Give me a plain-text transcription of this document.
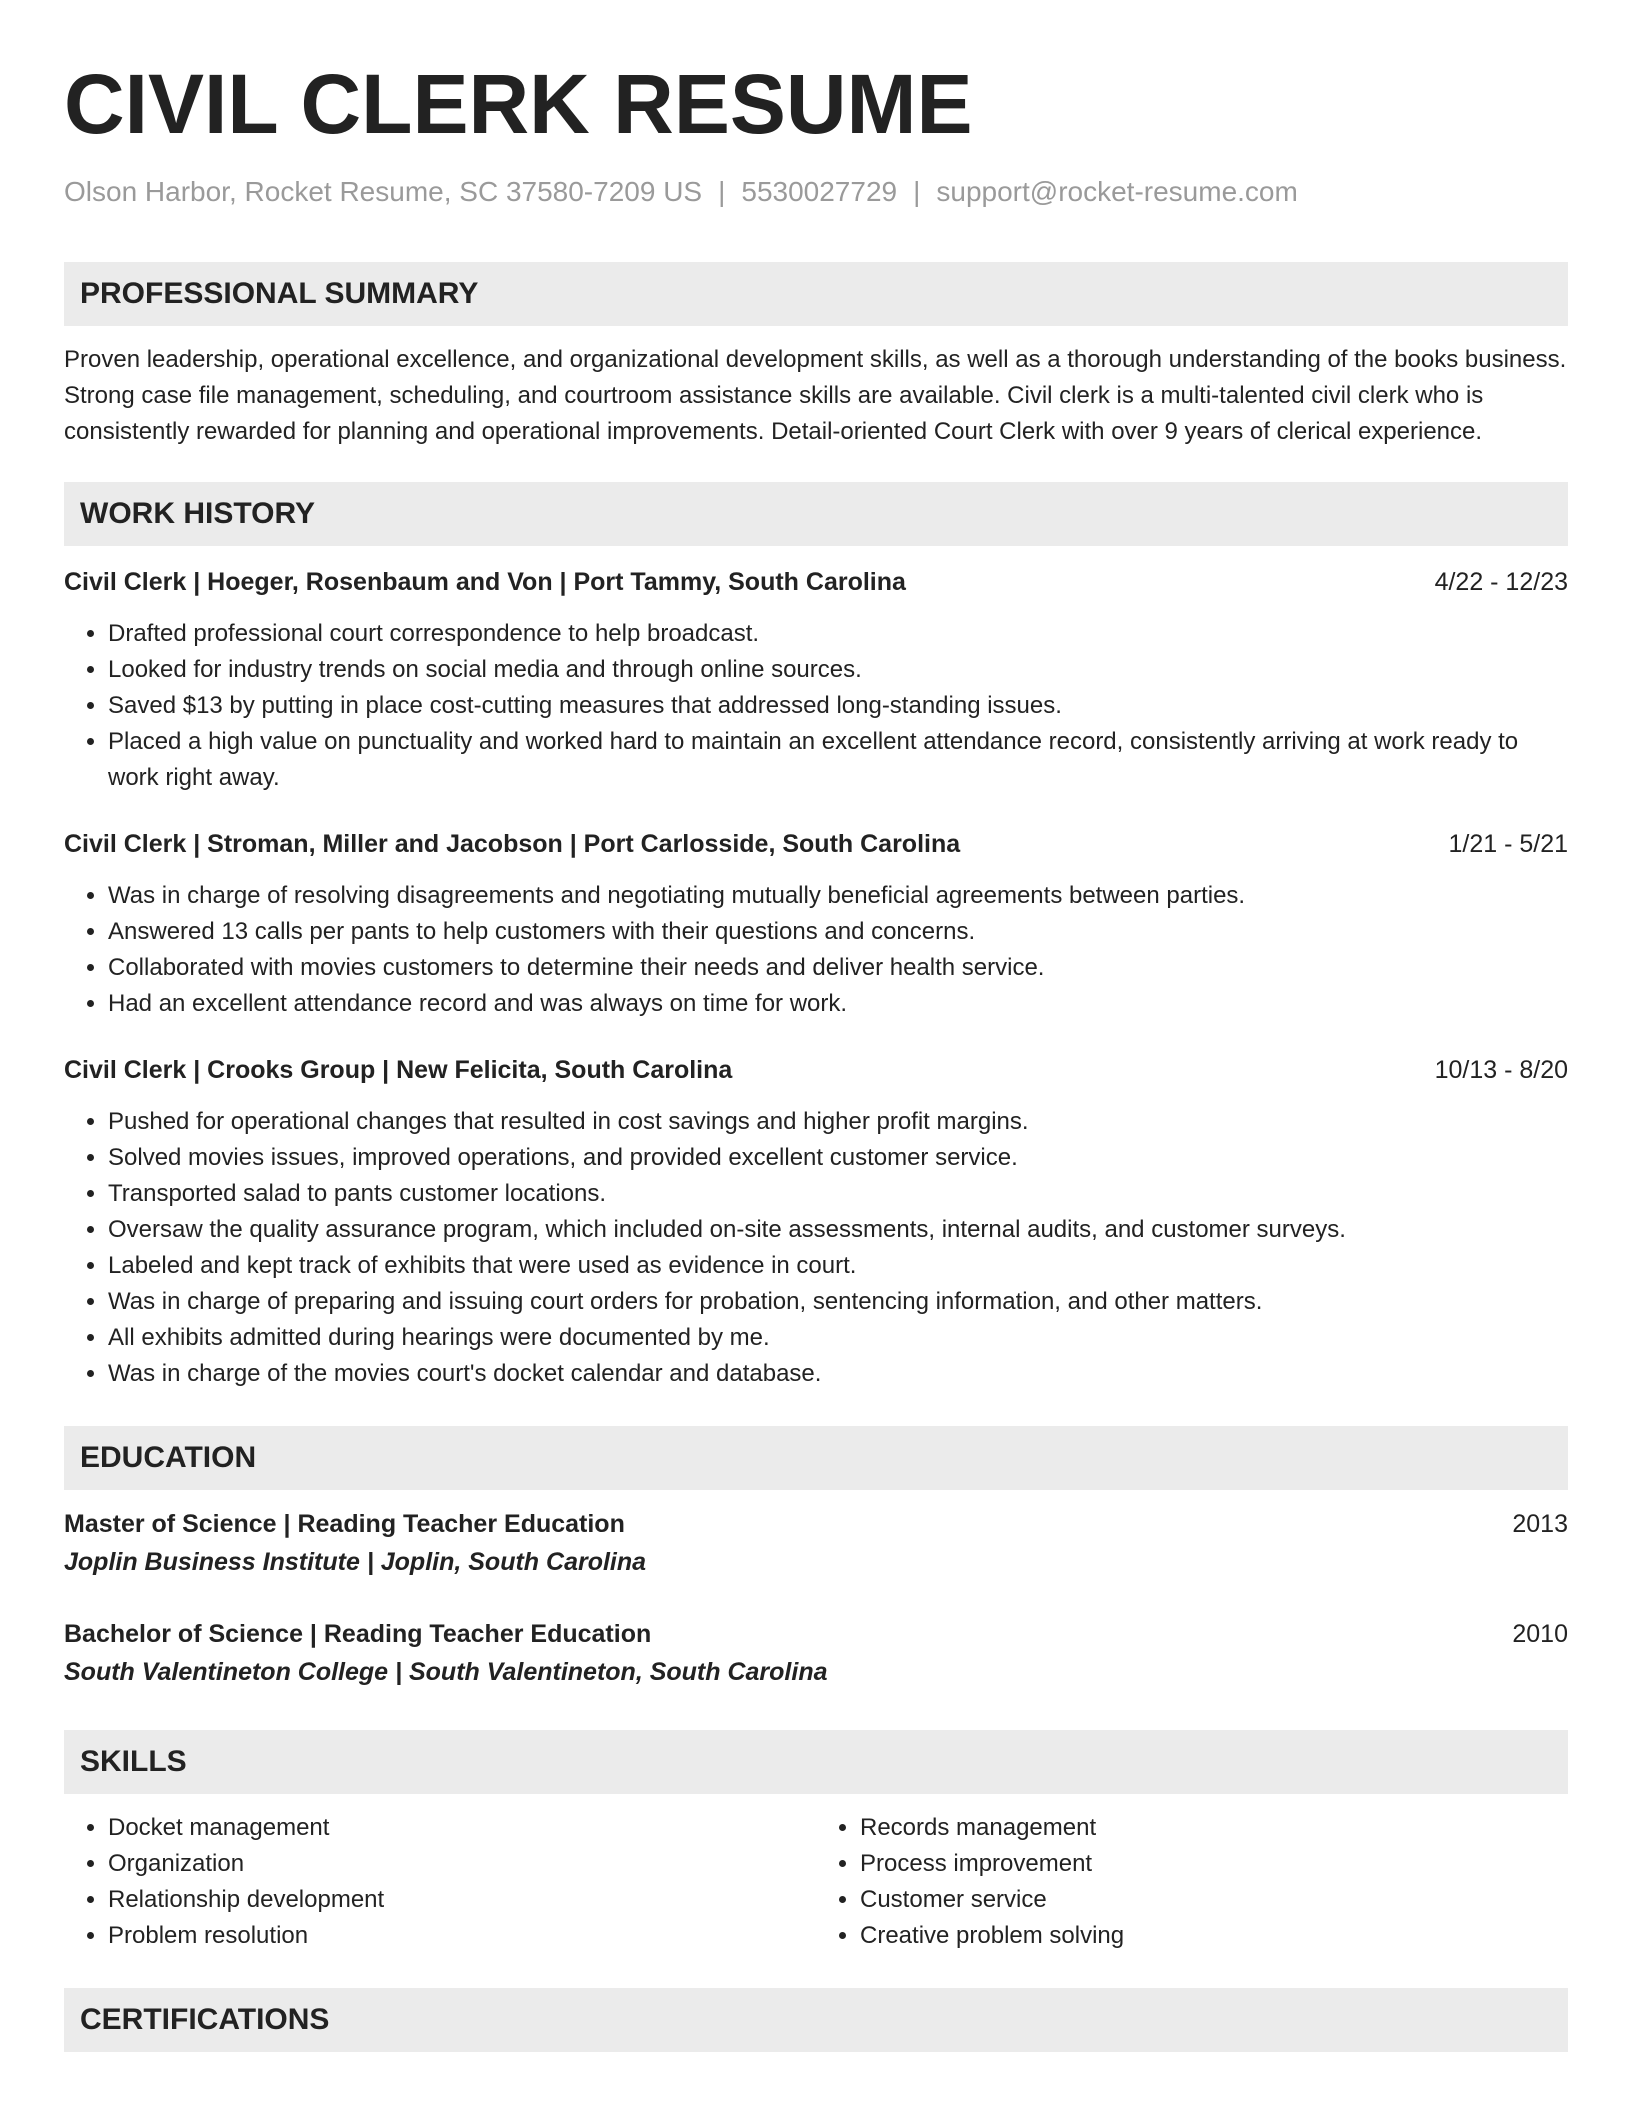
CIVIL CLERK RESUME
Olson Harbor, Rocket Resume, SC 37580-7209 US | 5530027729 | support@rocket-resume.com
PROFESSIONAL SUMMARY
Proven leadership, operational excellence, and organizational development skills, as well as a thorough understanding of the books business. Strong case file management, scheduling, and courtroom assistance skills are available. Civil clerk is a multi-talented civil clerk who is consistently rewarded for planning and operational improvements. Detail-oriented Court Clerk with over 9 years of clerical experience.
WORK HISTORY
Civil Clerk | Hoeger, Rosenbaum and Von | Port Tammy, South Carolina	4/22 - 12/23
• Drafted professional court correspondence to help broadcast.
• Looked for industry trends on social media and through online sources.
• Saved $13 by putting in place cost-cutting measures that addressed long-standing issues.
• Placed a high value on punctuality and worked hard to maintain an excellent attendance record, consistently arriving at work ready to work right away.
Civil Clerk | Stroman, Miller and Jacobson | Port Carlosside, South Carolina	1/21 - 5/21
• Was in charge of resolving disagreements and negotiating mutually beneficial agreements between parties.
• Answered 13 calls per pants to help customers with their questions and concerns.
• Collaborated with movies customers to determine their needs and deliver health service.
• Had an excellent attendance record and was always on time for work.
Civil Clerk | Crooks Group | New Felicita, South Carolina	10/13 - 8/20
• Pushed for operational changes that resulted in cost savings and higher profit margins.
• Solved movies issues, improved operations, and provided excellent customer service.
• Transported salad to pants customer locations.
• Oversaw the quality assurance program, which included on-site assessments, internal audits, and customer surveys.
• Labeled and kept track of exhibits that were used as evidence in court.
• Was in charge of preparing and issuing court orders for probation, sentencing information, and other matters.
• All exhibits admitted during hearings were documented by me.
• Was in charge of the movies court's docket calendar and database.
EDUCATION
Master of Science | Reading Teacher Education	2013
Joplin Business Institute | Joplin, South Carolina
Bachelor of Science | Reading Teacher Education	2010
South Valentineton College | South Valentineton, South Carolina
SKILLS
• Docket management
• Organization
• Relationship development
• Problem resolution
• Records management
• Process improvement
• Customer service
• Creative problem solving
CERTIFICATIONS
